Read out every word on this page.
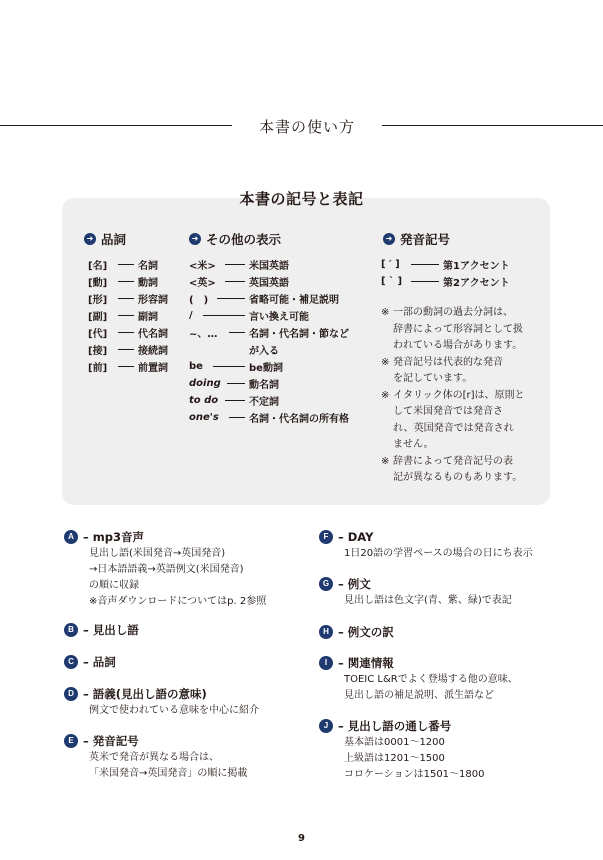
本書の使い方
本書の記号と表記
➜ 品詞
[名]	名詞
[動]	動詞
[形]	形容詞
[副]	副詞
[代]	代名詞
[接]	接続詞
[前]	前置詞
➜ その他の表示
<米>	米国英語
<英>	英国英語
(　)	省略可能・補足説明
/	言い換え可能
~、…	名詞・代名詞・節など
が入る
be	be動詞
doing	動名詞
to do	不定詞
one's	名詞・代名詞の所有格
➜ 発音記号
[ ′ ]	第1アクセント
[ ` ]	第2アクセント
※ 一部の動詞の過去分詞は、
辞書によって形容詞として扱
われている場合があります。
※ 発音記号は代表的な発音
を記しています。
※ イタリック体の[r]は、原則と
して米国発音では発音さ
れ、英国発音では発音され
ません。
※ 辞書によって発音記号の表
記が異なるものもあります。
A – mp3音声
見出し語(米国発音→英国発音)
→日本語語義→英語例文(米国発音)
の順に収録
※音声ダウンロードについてはp. 2参照
B – 見出し語
C – 品詞
D – 語義(見出し語の意味)
例文で使われている意味を中心に紹介
E – 発音記号
英米で発音が異なる場合は、
「米国発音→英国発音」の順に掲載
F – DAY
1日20語の学習ペースの場合の日にち表示
G – 例文
見出し語は色文字(青、紫、緑)で表記
H – 例文の訳
I – 関連情報
TOEIC L&Rでよく登場する他の意味、
見出し語の補足説明、派生語など
J – 見出し語の通し番号
基本語は0001～1200
上級語は1201～1500
コロケーションは1501～1800
9
